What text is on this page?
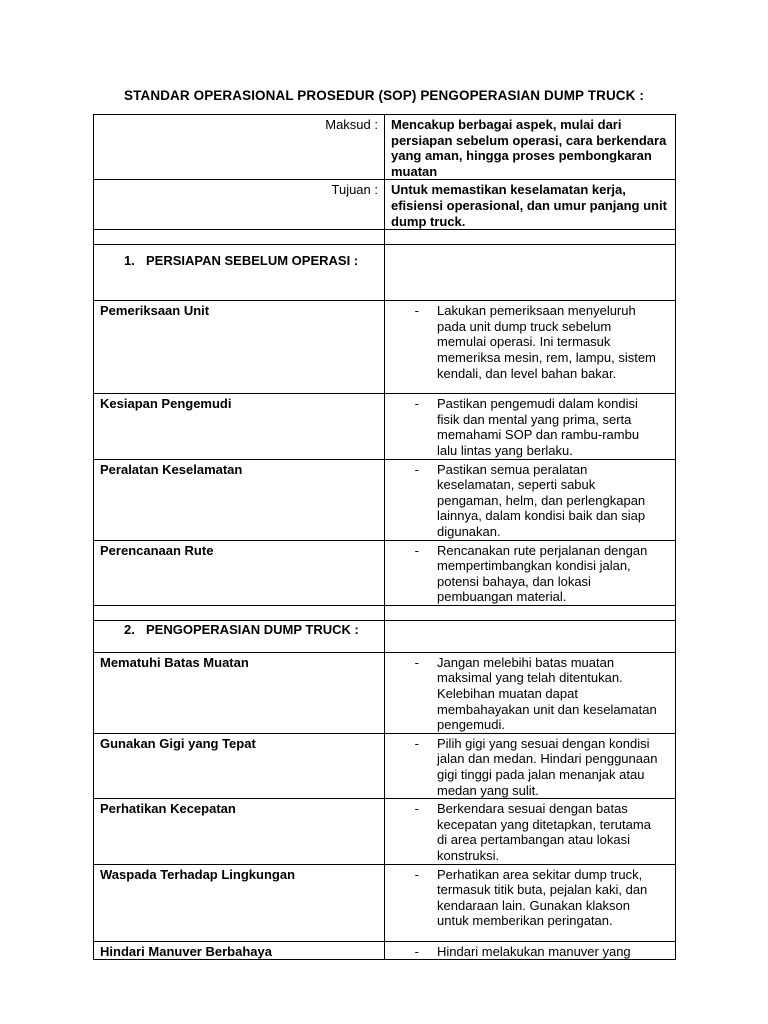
STANDAR OPERASIONAL PROSEDUR (SOP) PENGOPERASIAN DUMP TRUCK :
Maksud :	Mencakup berbagai aspek, mulai dari persiapan sebelum operasi, cara berkendara yang aman, hingga proses pembongkaran muatan
Tujuan :	Untuk memastikan keselamatan kerja, efisiensi operasional, dan umur panjang unit dump truck.

1. PERSIAPAN SEBELUM OPERASI :	

Pemeriksaan Unit	- Lakukan pemeriksaan menyeluruh pada unit dump truck sebelum memulai operasi. Ini termasuk memeriksa mesin, rem, lampu, sistem kendali, dan level bahan bakar.

Kesiapan Pengemudi	- Pastikan pengemudi dalam kondisi fisik dan mental yang prima, serta memahami SOP dan rambu-rambu lalu lintas yang berlaku.

Peralatan Keselamatan	- Pastikan semua peralatan keselamatan, seperti sabuk pengaman, helm, dan perlengkapan lainnya, dalam kondisi baik dan siap digunakan.

Perencanaan Rute	- Rencanakan rute perjalanan dengan mempertimbangkan kondisi jalan, potensi bahaya, dan lokasi pembuangan material.

2. PENGOPERASIAN DUMP TRUCK :	

Mematuhi Batas Muatan	- Jangan melebihi batas muatan maksimal yang telah ditentukan. Kelebihan muatan dapat membahayakan unit dan keselamatan pengemudi.

Gunakan Gigi yang Tepat	- Pilih gigi yang sesuai dengan kondisi jalan dan medan. Hindari penggunaan gigi tinggi pada jalan menanjak atau medan yang sulit.

Perhatikan Kecepatan	- Berkendara sesuai dengan batas kecepatan yang ditetapkan, terutama di area pertambangan atau lokasi konstruksi.

Waspada Terhadap Lingkungan	- Perhatikan area sekitar dump truck, termasuk titik buta, pejalan kaki, dan kendaraan lain. Gunakan klakson untuk memberikan peringatan.

Hindari Manuver Berbahaya	- Hindari melakukan manuver yang
